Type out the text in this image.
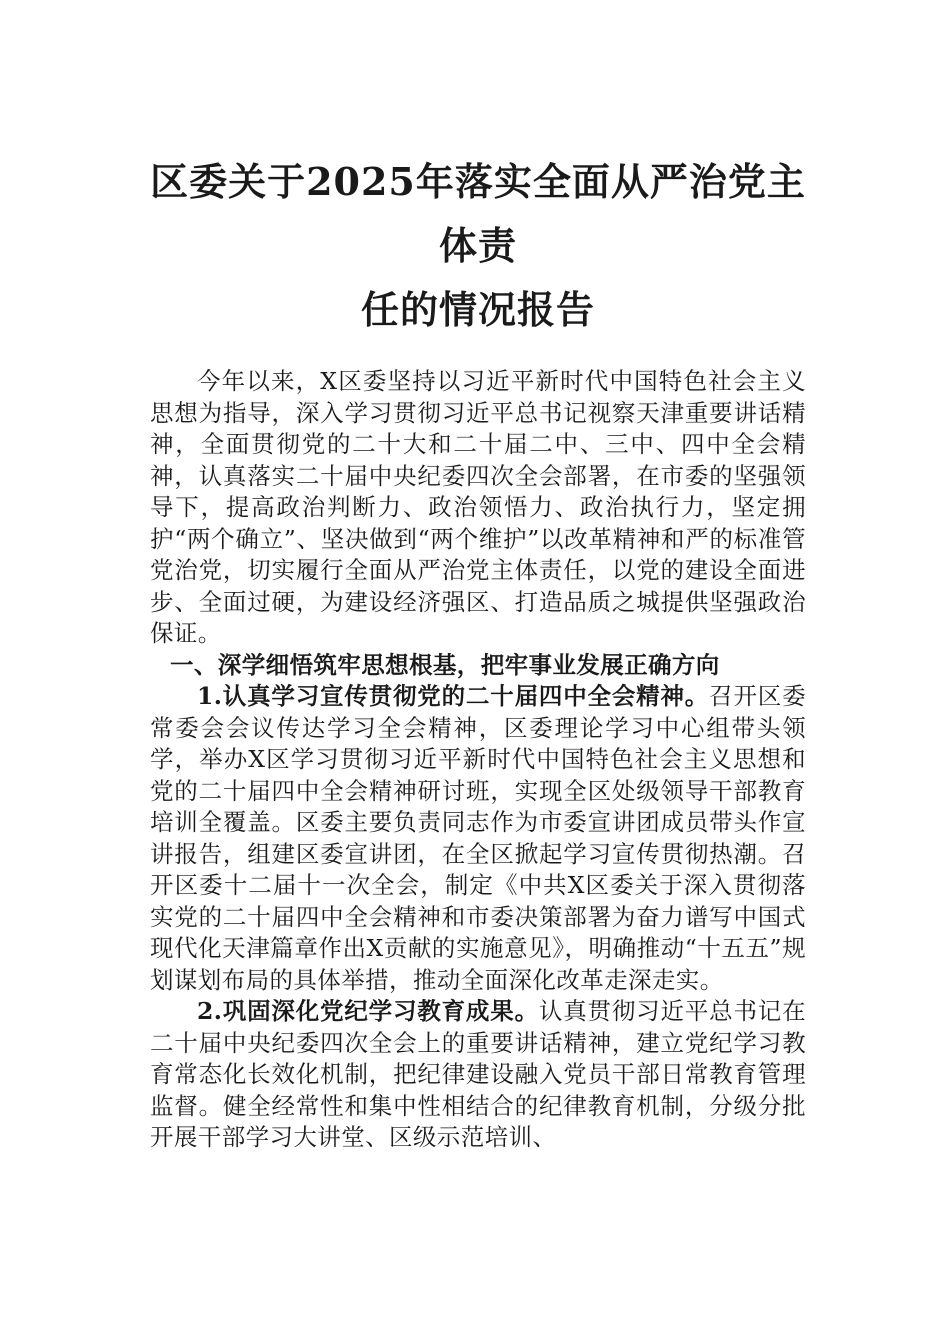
区委关于2025年落实全面从严治党主体责
任的情况报告

今年以来，X区委坚持以习近平新时代中国特色社会主义思想为指导，深入学习贯彻习近平总书记视察天津重要讲话精神，全面贯彻党的二十大和二十届二中、三中、四中全会精神，认真落实二十届中央纪委四次全会部署，在市委的坚强领导下，提高政治判断力、政治领悟力、政治执行力，坚定拥护“两个确立”、坚决做到“两个维护”以改革精神和严的标准管党治党，切实履行全面从严治党主体责任，以党的建设全面进步、全面过硬，为建设经济强区、打造品质之城提供坚强政治保证。

一、深学细悟筑牢思想根基，把牢事业发展正确方向

1.认真学习宣传贯彻党的二十届四中全会精神。召开区委常委会会议传达学习全会精神，区委理论学习中心组带头领学，举办X区学习贯彻习近平新时代中国特色社会主义思想和党的二十届四中全会精神研讨班，实现全区处级领导干部教育培训全覆盖。区委主要负责同志作为市委宣讲团成员带头作宣讲报告，组建区委宣讲团，在全区掀起学习宣传贯彻热潮。召开区委十二届十一次全会，制定《中共X区委关于深入贯彻落实党的二十届四中全会精神和市委决策部署为奋力谱写中国式现代化天津篇章作出X贡献的实施意见》，明确推动“十五五”规划谋划布局的具体举措，推动全面深化改革走深走实。

2.巩固深化党纪学习教育成果。认真贯彻习近平总书记在二十届中央纪委四次全会上的重要讲话精神，建立党纪学习教育常态化长效化机制，把纪律建设融入党员干部日常教育管理监督。健全经常性和集中性相结合的纪律教育机制，分级分批开展干部学习大讲堂、区级示范培训、
